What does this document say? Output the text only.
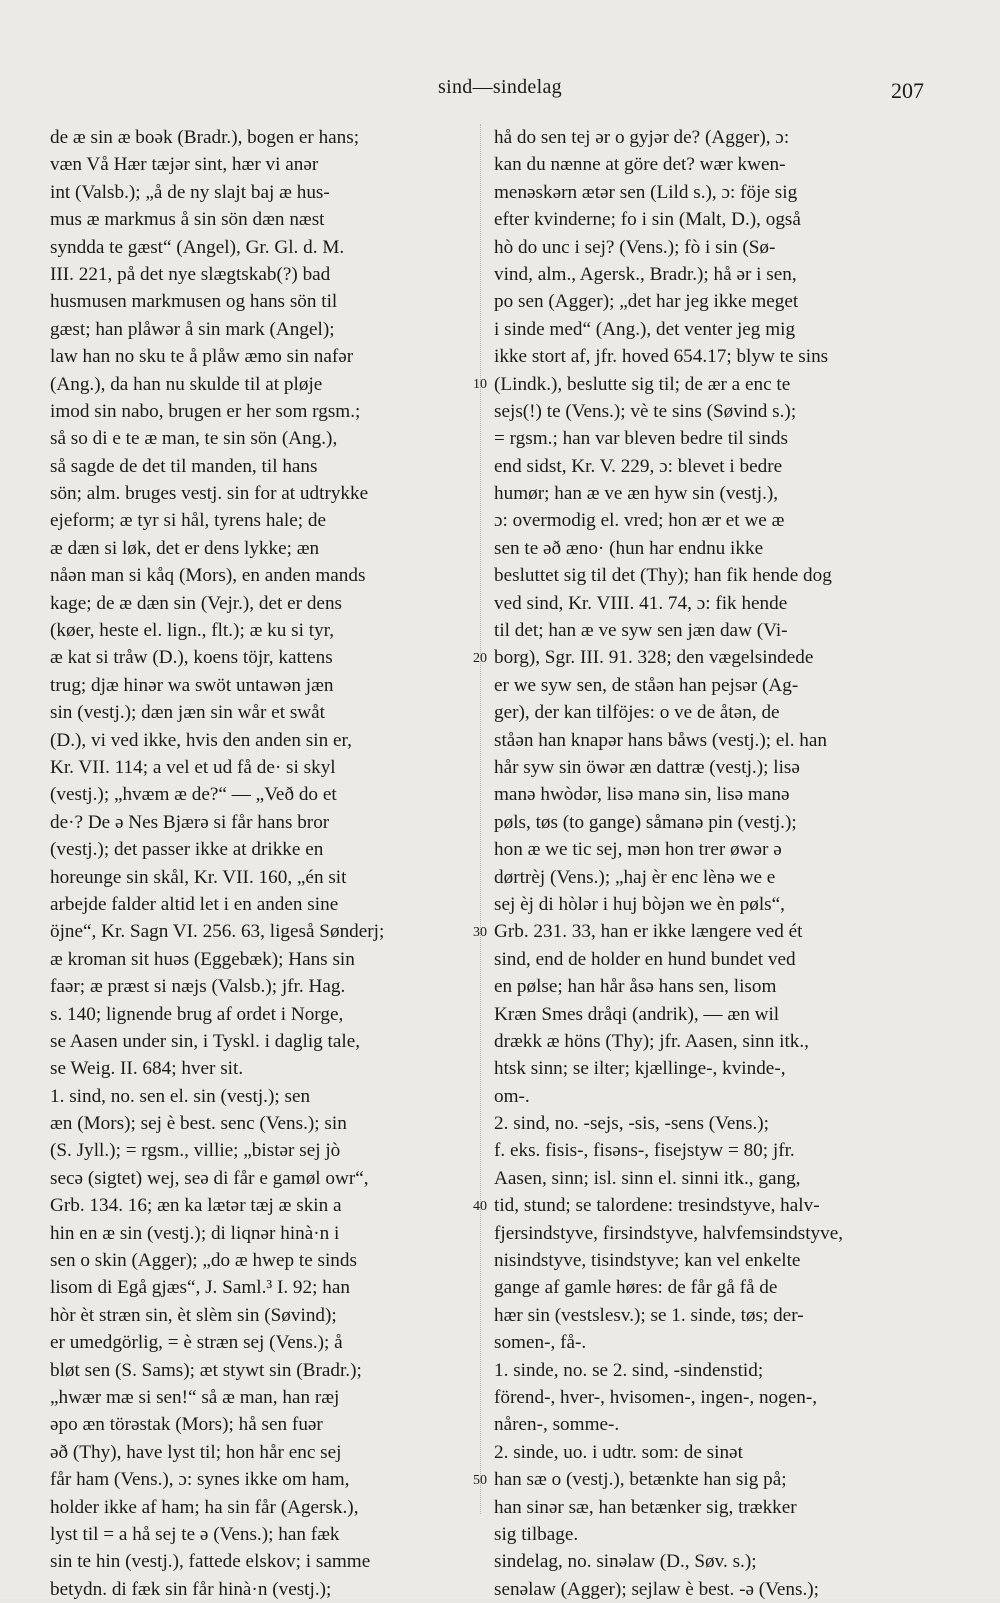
sind—sindelag	207
de æ sin æ boək (Bradr.), bogen er hans;
væn Vå Hær tæjər sint, hær vi anər
int (Valsb.); „å de ny slajt baj æ hus-
mus æ markmus å sin sön dæn næst
syndda te gæst“ (Angel), Gr. Gl. d. M.
III. 221, på det nye slægtskab(?) bad
husmusen markmusen og hans sön til
gæst; han plåwər å sin mark (Angel);
law han no sku te å plåw æmo sin nafər
(Ang.), da han nu skulde til at pløje
imod sin nabo, brugen er her som rgsm.;
så so di e te æ man, te sin sön (Ang.),
så sagde de det til manden, til hans
sön; alm. bruges vestj. sin for at udtrykke
ejeform; æ tyr si hål, tyrens hale; de
æ dæn si løk, det er dens lykke; æn
nåən man si kåq (Mors), en anden mands
kage; de æ dæn sin (Vejr.), det er dens
(køer, heste el. lign., flt.); æ ku si tyr,
æ kat si tråw (D.), koens töjr, kattens
trug; djæ hinər wa swöt untawən jæn
sin (vestj.); dæn jæn sin wår et swåt
(D.), vi ved ikke, hvis den anden sin er,
Kr. VII. 114; a vel et ud få de· si skyl
(vestj.); „hvæm æ de?“ — „Veð do et
de·? De ə Nes Bjærə si får hans bror
(vestj.); det passer ikke at drikke en
horeunge sin skål, Kr. VII. 160, „én sit
arbejde falder altid let i en anden sine
öjne“, Kr. Sagn VI. 256. 63, ligeså Sønderj;
æ kroman sit huəs (Eggebæk); Hans sin
faər; æ præst si næjs (Valsb.); jfr. Hag.
s. 140; lignende brug af ordet i Norge,
se Aasen under sin, i Tyskl. i daglig tale,
se Weig. II. 684; hver sit.
1. sind, no. sen el. sin (vestj.); sen
æn (Mors); sej è best. senc (Vens.); sin
(S. Jyll.); = rgsm., villie; „bistər sej jò
secə (sigtet) wej, seə di får e gamøl owr“,
Grb. 134. 16; æn ka lætər tæj æ skin a
hin en æ sin (vestj.); di liqnər hinà·n i
sen o skin (Agger); „do æ hwep te sinds
lisom di Egå gjæs“, J. Saml.³ I. 92; han
hòr èt stræn sin, èt slèm sin (Søvind);
er umedgörlig, = è stræn sej (Vens.); å
bløt sen (S. Sams); æt stywt sin (Bradr.);
„hwær mæ si sen!“ så æ man, han ræj
əpo æn törəstak (Mors); hå sen fuər
əð (Thy), have lyst til; hon hår enc sej
får ham (Vens.), ɔ: synes ikke om ham,
holder ikke af ham; ha sin får (Agersk.),
lyst til = a hå sej te ə (Vens.); han fæk
sin te hin (vestj.), fattede elskov; i samme
betydn. di fæk sin får hinà·n (vestj.);
10
20
30
40
50
hå do sen tej ər o gyjər de? (Agger), ɔ:
kan du nænne at göre det? wær kwen-
menəskərn ætər sen (Lild s.), ɔ: föje sig
efter kvinderne; fo i sin (Malt, D.), også
hò do unc i sej? (Vens.); fò i sin (Sø-
vind, alm., Agersk., Bradr.); hå ər i sen,
po sen (Agger); „det har jeg ikke meget
i sinde med“ (Ang.), det venter jeg mig
ikke stort af, jfr. hoved 654.17; blyw te sins
(Lindk.), beslutte sig til; de ær a enc te
sejs(!) te (Vens.); vè te sins (Søvind s.);
= rgsm.; han var bleven bedre til sinds
end sidst, Kr. V. 229, ɔ: blevet i bedre
humør; han æ ve æn hyw sin (vestj.),
ɔ: overmodig el. vred; hon ær et we æ
sen te əð æno· (hun har endnu ikke
besluttet sig til det (Thy); han fik hende dog
ved sind, Kr. VIII. 41. 74, ɔ: fik hende
til det; han æ ve syw sen jæn daw (Vi-
borg), Sgr. III. 91. 328; den vægelsindede
er we syw sen, de ståən han pejsər (Ag-
ger), der kan tilföjes: o ve de åtən, de
ståən han knapər hans båws (vestj.); el. han
hår syw sin öwər æn dattræ (vestj.); lisə
manə hwòdər, lisə manə sin, lisə manə
pøls, tøs (to gange) såmanə pin (vestj.);
hon æ we tic sej, mən hon trer øwər ə
dørtrèj (Vens.); „haj èr enc lènə we e
sej èj di hòlər i huj bòjən we èn pøls“,
Grb. 231. 33, han er ikke længere ved ét
sind, end de holder en hund bundet ved
en pølse; han hår åsə hans sen, lisom
Kræn Smes dråqi (andrik), — æn wil
drækk æ höns (Thy); jfr. Aasen, sinn itk.,
htsk sinn; se ilter; kjællinge-, kvinde-,
om-.
2. sind, no. -sejs, -sis, -sens (Vens.);
f. eks. fisis-, fisəns-, fisejstyw = 80; jfr.
Aasen, sinn; isl. sinn el. sinni itk., gang,
tid, stund; se talordene: tresindstyve, halv-
fjersindstyve, firsindstyve, halvfemsindstyve,
nisindstyve, tisindstyve; kan vel enkelte
gange af gamle høres: de får gå få de
hær sin (vestslesv.); se 1. sinde, tøs; der-
somen-, få-.
1. sinde, no. se 2. sind, -sindenstid;
förend-, hver-, hvisomen-, ingen-, nogen-,
nåren-, somme-.
2. sinde, uo. i udtr. som: de sinət
han sæ o (vestj.), betænkte han sig på;
han sinər sæ, han betænker sig, trækker
sig tilbage.
sindelag, no. sinəlaw (D., Søv. s.);
senəlaw (Agger); sejlaw è best. -ə (Vens.);
